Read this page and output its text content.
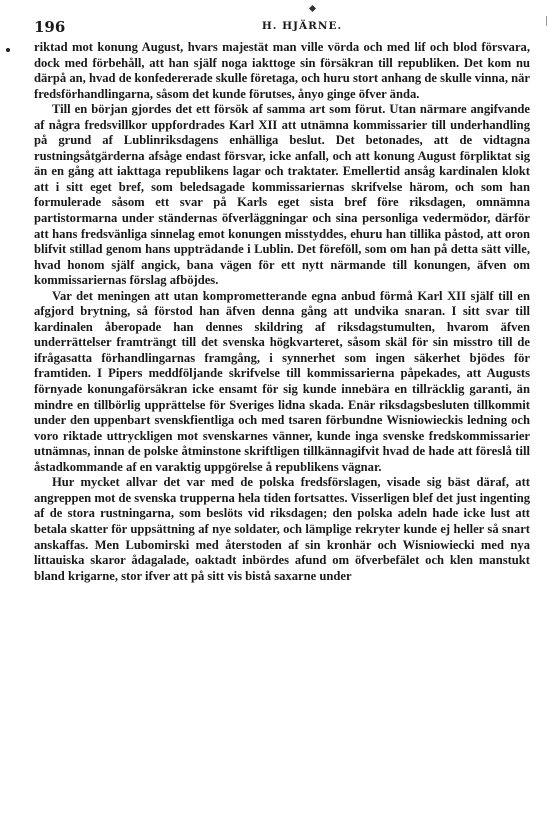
196	H. HJÄRNE.

riktad mot konung August, hvars majestät man ville vörda och med lif och blod försvara, dock med förbehåll, att han själf noga iakttoge sin försäkran till republiken. Det kom nu därpå an, hvad de konfedererade skulle företaga, och huru stort anhang de skulle vinna, när fredsförhandlingarna, såsom det kunde förutses, ånyo ginge öfver ända.

Till en början gjordes det ett försök af samma art som förut. Utan närmare angifvande af några fredsvillkor uppfordrades Karl XII att utnämna kommissarier till underhandling på grund af Lublinriksdagens enhälliga beslut. Det betonades, att de vidtagna rustningsåtgärderna afsåge endast försvar, icke anfall, och att konung August förpliktat sig än en gång att iakttaga republikens lagar och traktater. Emellertid ansåg kardinalen klokt att i sitt eget bref, som beledsagade kommissariernas skrifvelse härom, och som han formulerade såsom ett svar på Karls eget sista bref före riksdagen, omnämna partistormarna under ständernas öfverläggningar och sina personliga vedermödor, därför att hans fredsvänliga sinnelag emot konungen misstyddes, ehuru han tillika påstod, att oron blifvit stillad genom hans uppträdande i Lublin. Det föreföll, som om han på detta sätt ville, hvad honom själf angick, bana vägen för ett nytt närmande till konungen, äfven om kommissariernas förslag afböjdes.

Var det meningen att utan komprometterande egna anbud förmå Karl XII själf till en afgjord brytning, så förstod han äfven denna gång att undvika snaran. I sitt svar till kardinalen åberopade han dennes skildring af riksdagstumulten, hvarom äfven underrättelser framträngt till det svenska högkvarteret, såsom skäl för sin misstro till de ifrågasatta förhandlingarnas framgång, i synnerhet som ingen säkerhet bjödes för framtiden. I Pipers meddföljande skrifvelse till kommissarierna påpekades, att Augusts förnyade konungaförsäkran icke ensamt för sig kunde innebära en tillräcklig garanti, än mindre en tillbörlig upprättelse för Sveriges lidna skada. Enär riksdagsbesluten tillkommit under den uppenbart svenskfientliga och med tsaren förbundne Wisniowieckis ledning och voro riktade uttryckligen mot svenskarnes vänner, kunde inga svenske fredskommissarier utnämnas, innan de polske åtminstone skriftligen tillkännagifvit hvad de hade att föreslå till åstadkommande af en varaktig uppgörelse å republikens vägnar.

Hur mycket allvar det var med de polska fredsförslagen, visade sig bäst däraf, att angreppen mot de svenska trupperna hela tiden fortsattes. Visserligen blef det just ingenting af de stora rustningarna, som beslöts vid riksdagen; den polska adeln hade icke lust att betala skatter för uppsättning af nye soldater, och lämplige rekryter kunde ej heller så snart anskaffas. Men Lubomirski med återstoden af sin kronhär och Wisniowiecki med nya littauiska skaror ådagalade, oaktadt inbördes afund om öfverbefälet och klen manstukt bland krigarne, stor ifver att på sitt vis bistå saxarne under
